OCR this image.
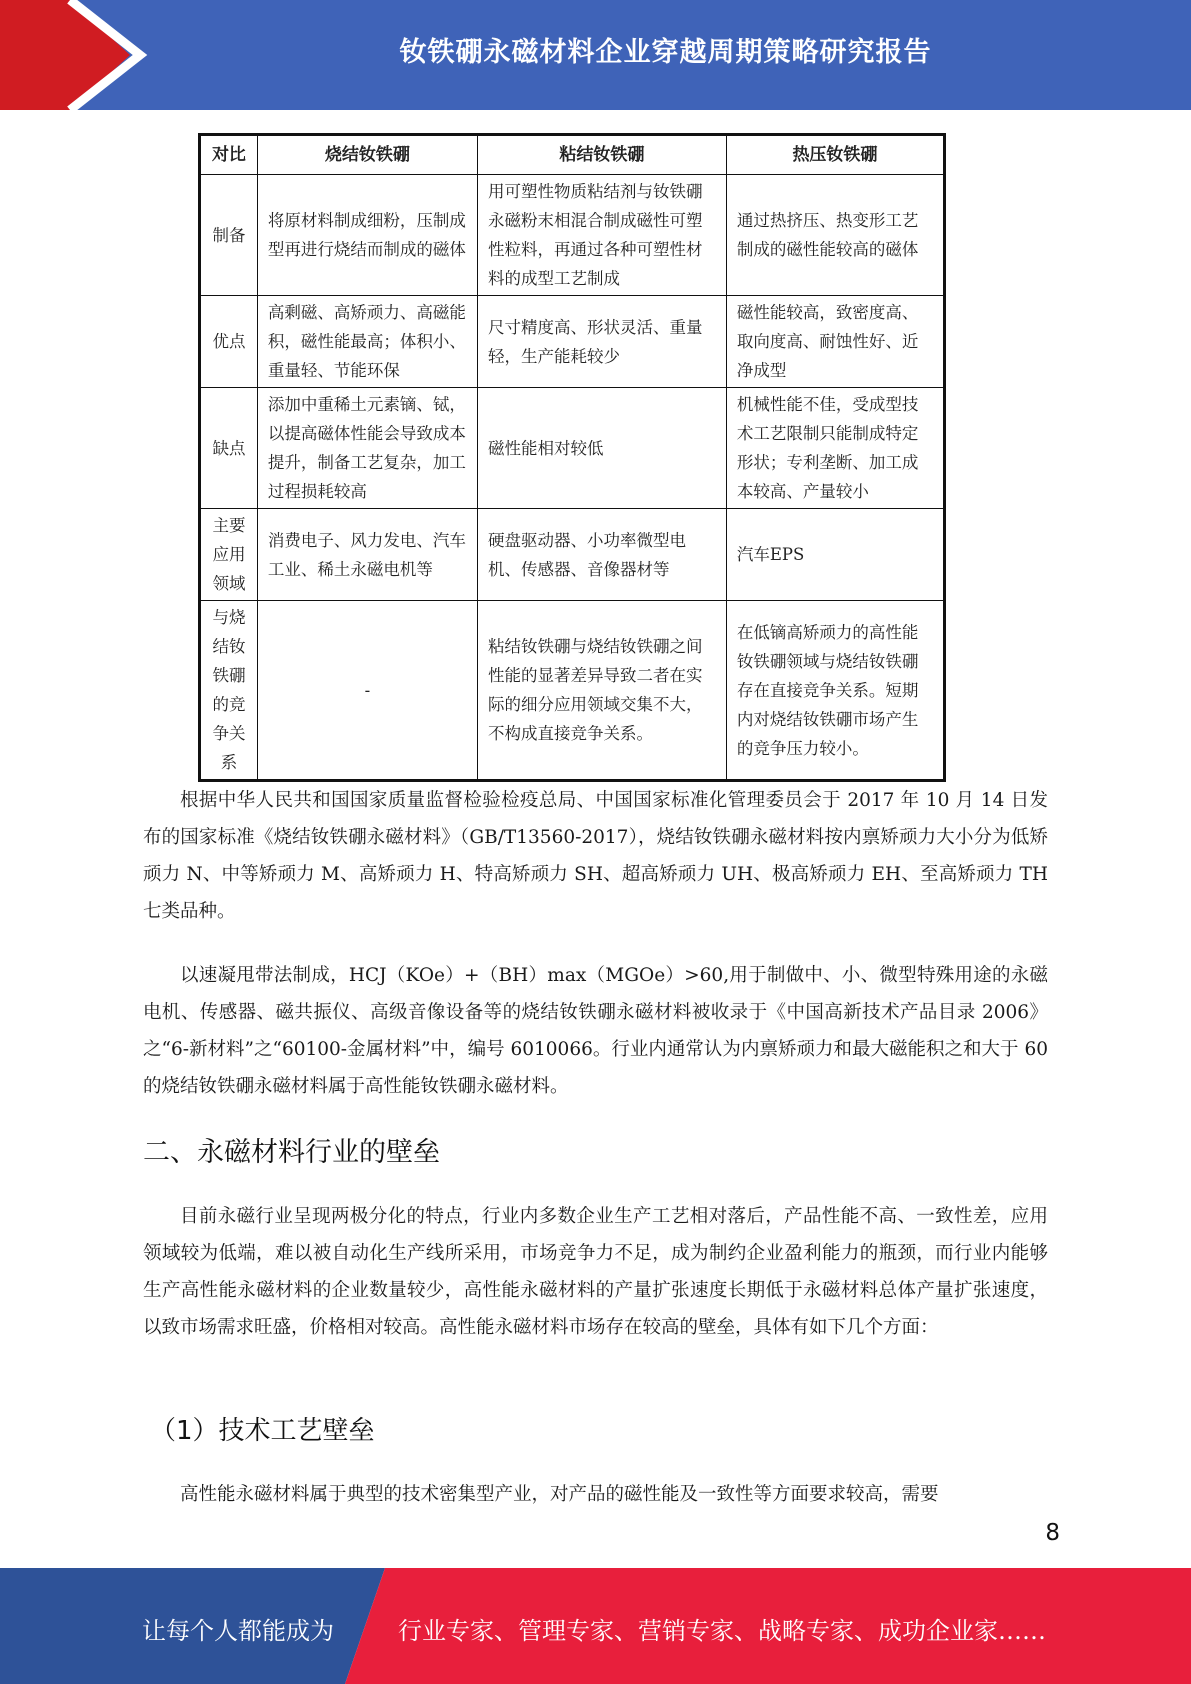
钕铁硼永磁材料企业穿越周期策略研究报告
对比	烧结钕铁硼	粘结钕铁硼	热压钕铁硼
制备	将原材料制成细粉，压制成型再进行烧结而制成的磁体	用可塑性物质粘结剂与钕铁硼永磁粉末相混合制成磁性可塑性粒料，再通过各种可塑性材料的成型工艺制成	通过热挤压、热变形工艺制成的磁性能较高的磁体
优点	高剩磁、高矫顽力、高磁能积，磁性能最高；体积小、重量轻、节能环保	尺寸精度高、形状灵活、重量轻，生产能耗较少	磁性能较高，致密度高、取向度高、耐蚀性好、近净成型
缺点	添加中重稀土元素镝、铽，以提高磁体性能会导致成本提升，制备工艺复杂，加工过程损耗较高	磁性能相对较低	机械性能不佳，受成型技术工艺限制只能制成特定形状；专利垄断、加工成本较高、产量较小
主要应用领域	消费电子、风力发电、汽车工业、稀土永磁电机等	硬盘驱动器、小功率微型电机、传感器、音像器材等	汽车EPS
与烧结钕铁硼的竞争关系	-	粘结钕铁硼与烧结钕铁硼之间性能的显著差异导致二者在实际的细分应用领域交集不大，不构成直接竞争关系。	在低镝高矫顽力的高性能钕铁硼领域与烧结钕铁硼存在直接竞争关系。短期内对烧结钕铁硼市场产生的竞争压力较小。

根据中华人民共和国国家质量监督检验检疫总局、中国国家标准化管理委员会于 2017 年 10 月 14 日发布的国家标准《烧结钕铁硼永磁材料》（GB/T13560-2017），烧结钕铁硼永磁材料按内禀矫顽力大小分为低矫顽力 N、中等矫顽力 M、高矫顽力 H、特高矫顽力 SH、超高矫顽力 UH、极高矫顽力 EH、至高矫顽力 TH 七类品种。

以速凝甩带法制成，HCJ（KOe）+（BH）max（MGOe）>60,用于制做中、小、微型特殊用途的永磁电机、传感器、磁共振仪、高级音像设备等的烧结钕铁硼永磁材料被收录于《中国高新技术产品目录 2006》之“6-新材料”之“60100-金属材料”中，编号 6010066。行业内通常认为内禀矫顽力和最大磁能积之和大于 60 的烧结钕铁硼永磁材料属于高性能钕铁硼永磁材料。

二、永磁材料行业的壁垒

目前永磁行业呈现两极分化的特点，行业内多数企业生产工艺相对落后，产品性能不高、一致性差，应用领域较为低端，难以被自动化生产线所采用，市场竞争力不足，成为制约企业盈利能力的瓶颈，而行业内能够生产高性能永磁材料的企业数量较少，高性能永磁材料的产量扩张速度长期低于永磁材料总体产量扩张速度，以致市场需求旺盛，价格相对较高。高性能永磁材料市场存在较高的壁垒，具体有如下几个方面：

（1）技术工艺壁垒

高性能永磁材料属于典型的技术密集型产业，对产品的磁性能及一致性等方面要求较高，需要

8
让每个人都能成为	行业专家、管理专家、营销专家、战略专家、成功企业家……
